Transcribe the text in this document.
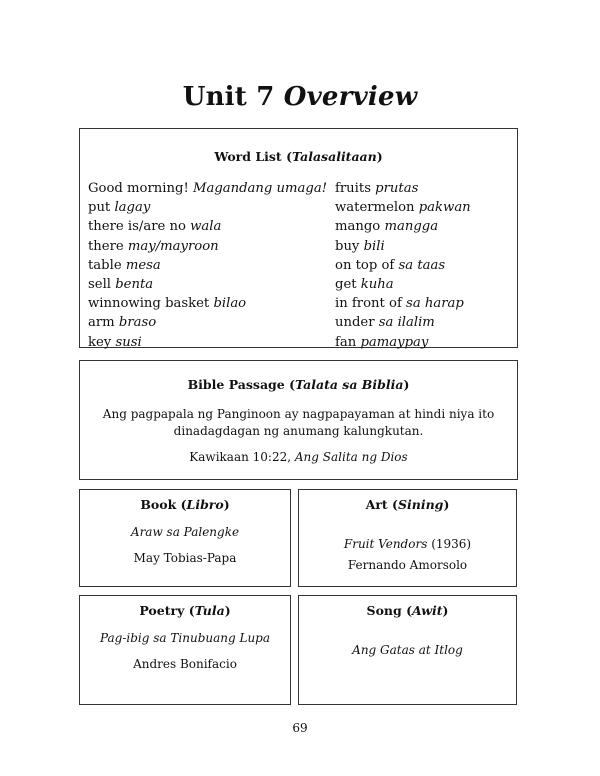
Unit 7 Overview
Word List (Talasalitaan)
Good morning! Magandang umaga!
put lagay
there is/are no wala
there may/mayroon
table mesa
sell benta
winnowing basket bilao
arm braso
key susi
fruits prutas
watermelon pakwan
mango mangga
buy bili
on top of sa taas
get kuha
in front of sa harap
under sa ilalim
fan pamaypay
Bible Passage (Talata sa Biblia)
Ang pagpapala ng Panginoon ay nagpapayaman at hindi niya ito dinadagdagan ng anumang kalungkutan.
Kawikaan 10:22, Ang Salita ng Dios
Book (Libro)
Araw sa Palengke
May Tobias-Papa
Art (Sining)
Fruit Vendors (1936)
Fernando Amorsolo
Poetry (Tula)
Pag-ibig sa Tinubuang Lupa
Andres Bonifacio
Song (Awit)
Ang Gatas at Itlog
69
